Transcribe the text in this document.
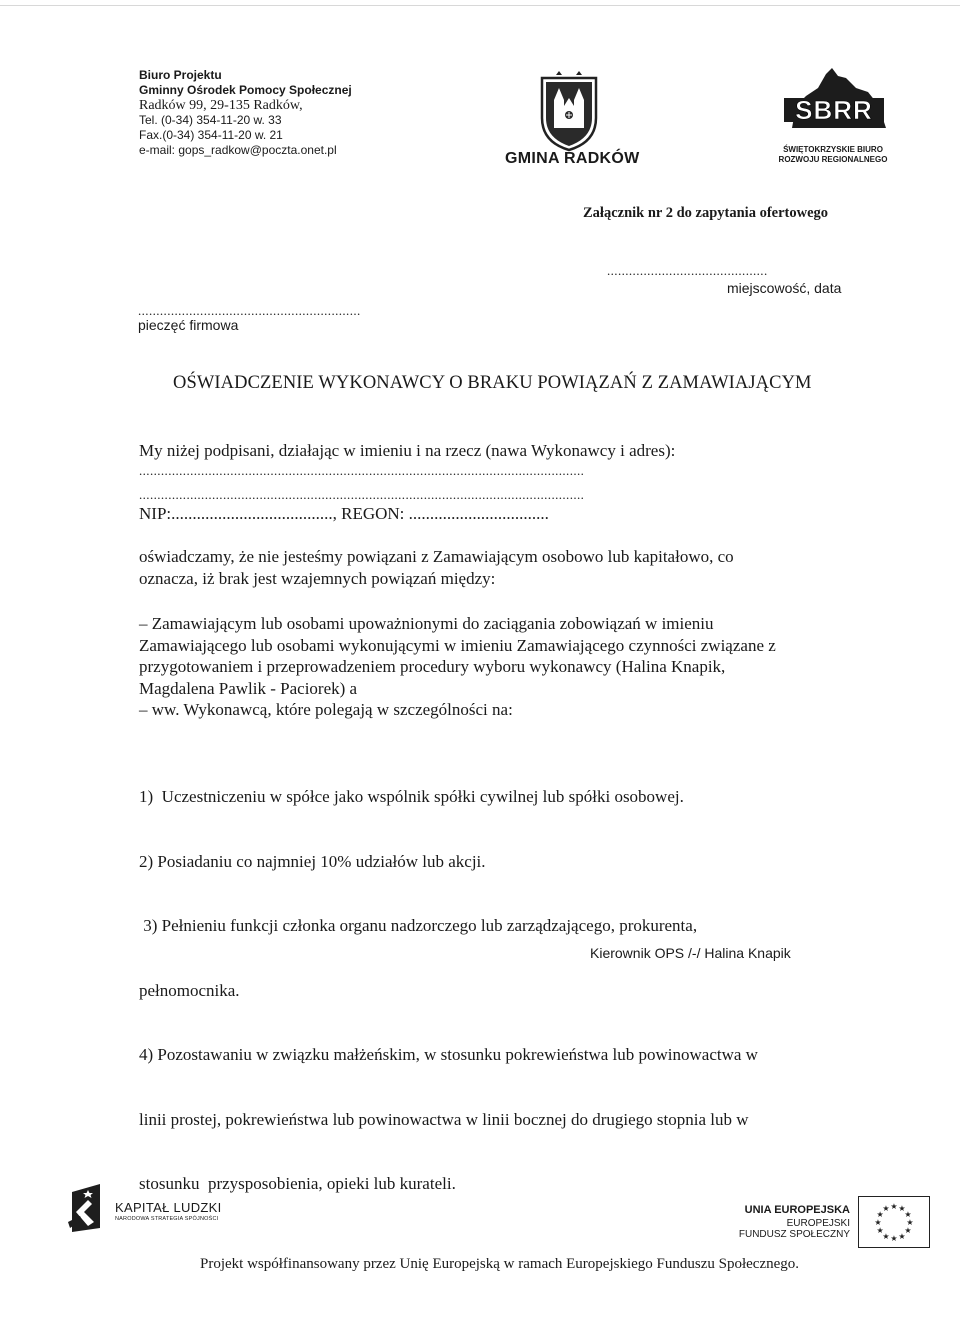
Biuro Projektu
Gminny Ośrodek Pomocy Społecznej
Radków 99, 29-135 Radków,
Tel. (0-34) 354-11-20 w. 33
Fax.(0-34) 354-11-20 w. 21
e-mail: gops_radkow@poczta.onet.pl	GMINA RADKÓW
SBRR
ŚWIĘTOKRZYSKIE BIURO
ROZWOJU REGIONALNEGO
Załącznik nr 2 do zapytania ofertowego
............................................
miejscowość, data
.............................................................
pieczęć firmowa
OŚWIADCZENIE WYKONAWCY O BRAKU POWIĄZAŃ Z ZAMAWIAJĄCYM
My niżej podpisani, działając w imieniu i na rzecz (nawa Wykonawcy i adres):
..........................................................................................................................
..........................................................................................................................
NIP:......................................, REGON: .................................

oświadczamy, że nie jesteśmy powiązani z Zamawiającym osobowo lub kapitałowo, co

oznacza, iż brak jest wzajemnych powiązań między:

– Zamawiającym lub osobami upoważnionymi do zaciągania zobowiązań w imieniu

Zamawiającego lub osobami wykonującymi w imieniu Zamawiającego czynności związane z

przygotowaniem i przeprowadzeniem procedury wyboru wykonawcy (Halina Knapik,

Magdalena Pawlik - Paciorek) a

– ww. Wykonawcą, które polegają w szczególności na:

1)  Uczestniczeniu w spółce jako wspólnik spółki cywilnej lub spółki osobowej.

2) Posiadaniu co najmniej 10% udziałów lub akcji.

3) Pełnieniu funkcji członka organu nadzorczego lub zarządzającego, prokurenta,

pełnomocnika.

4) Pozostawaniu w związku małżeńskim, w stosunku pokrewieństwa lub powinowactwa w

linii prostej, pokrewieństwa lub powinowactwa w linii bocznej do drugiego stopnia lub w

stosunku  przysposobienia, opieki lub kurateli.

Kierownik OPS /-/ Halina Knapik
KAPITAŁ LUDZKI
NARODOWA STRATEGIA SPÓJNOŚCI
UNIA EUROPEJSKA
EUROPEJSKI
FUNDUSZ SPOŁECZNY
★ ★
★
★
★
★
★
★
★
★
★
★
Projekt współfinansowany przez Unię Europejską w ramach Europejskiego Funduszu Społecznego.
